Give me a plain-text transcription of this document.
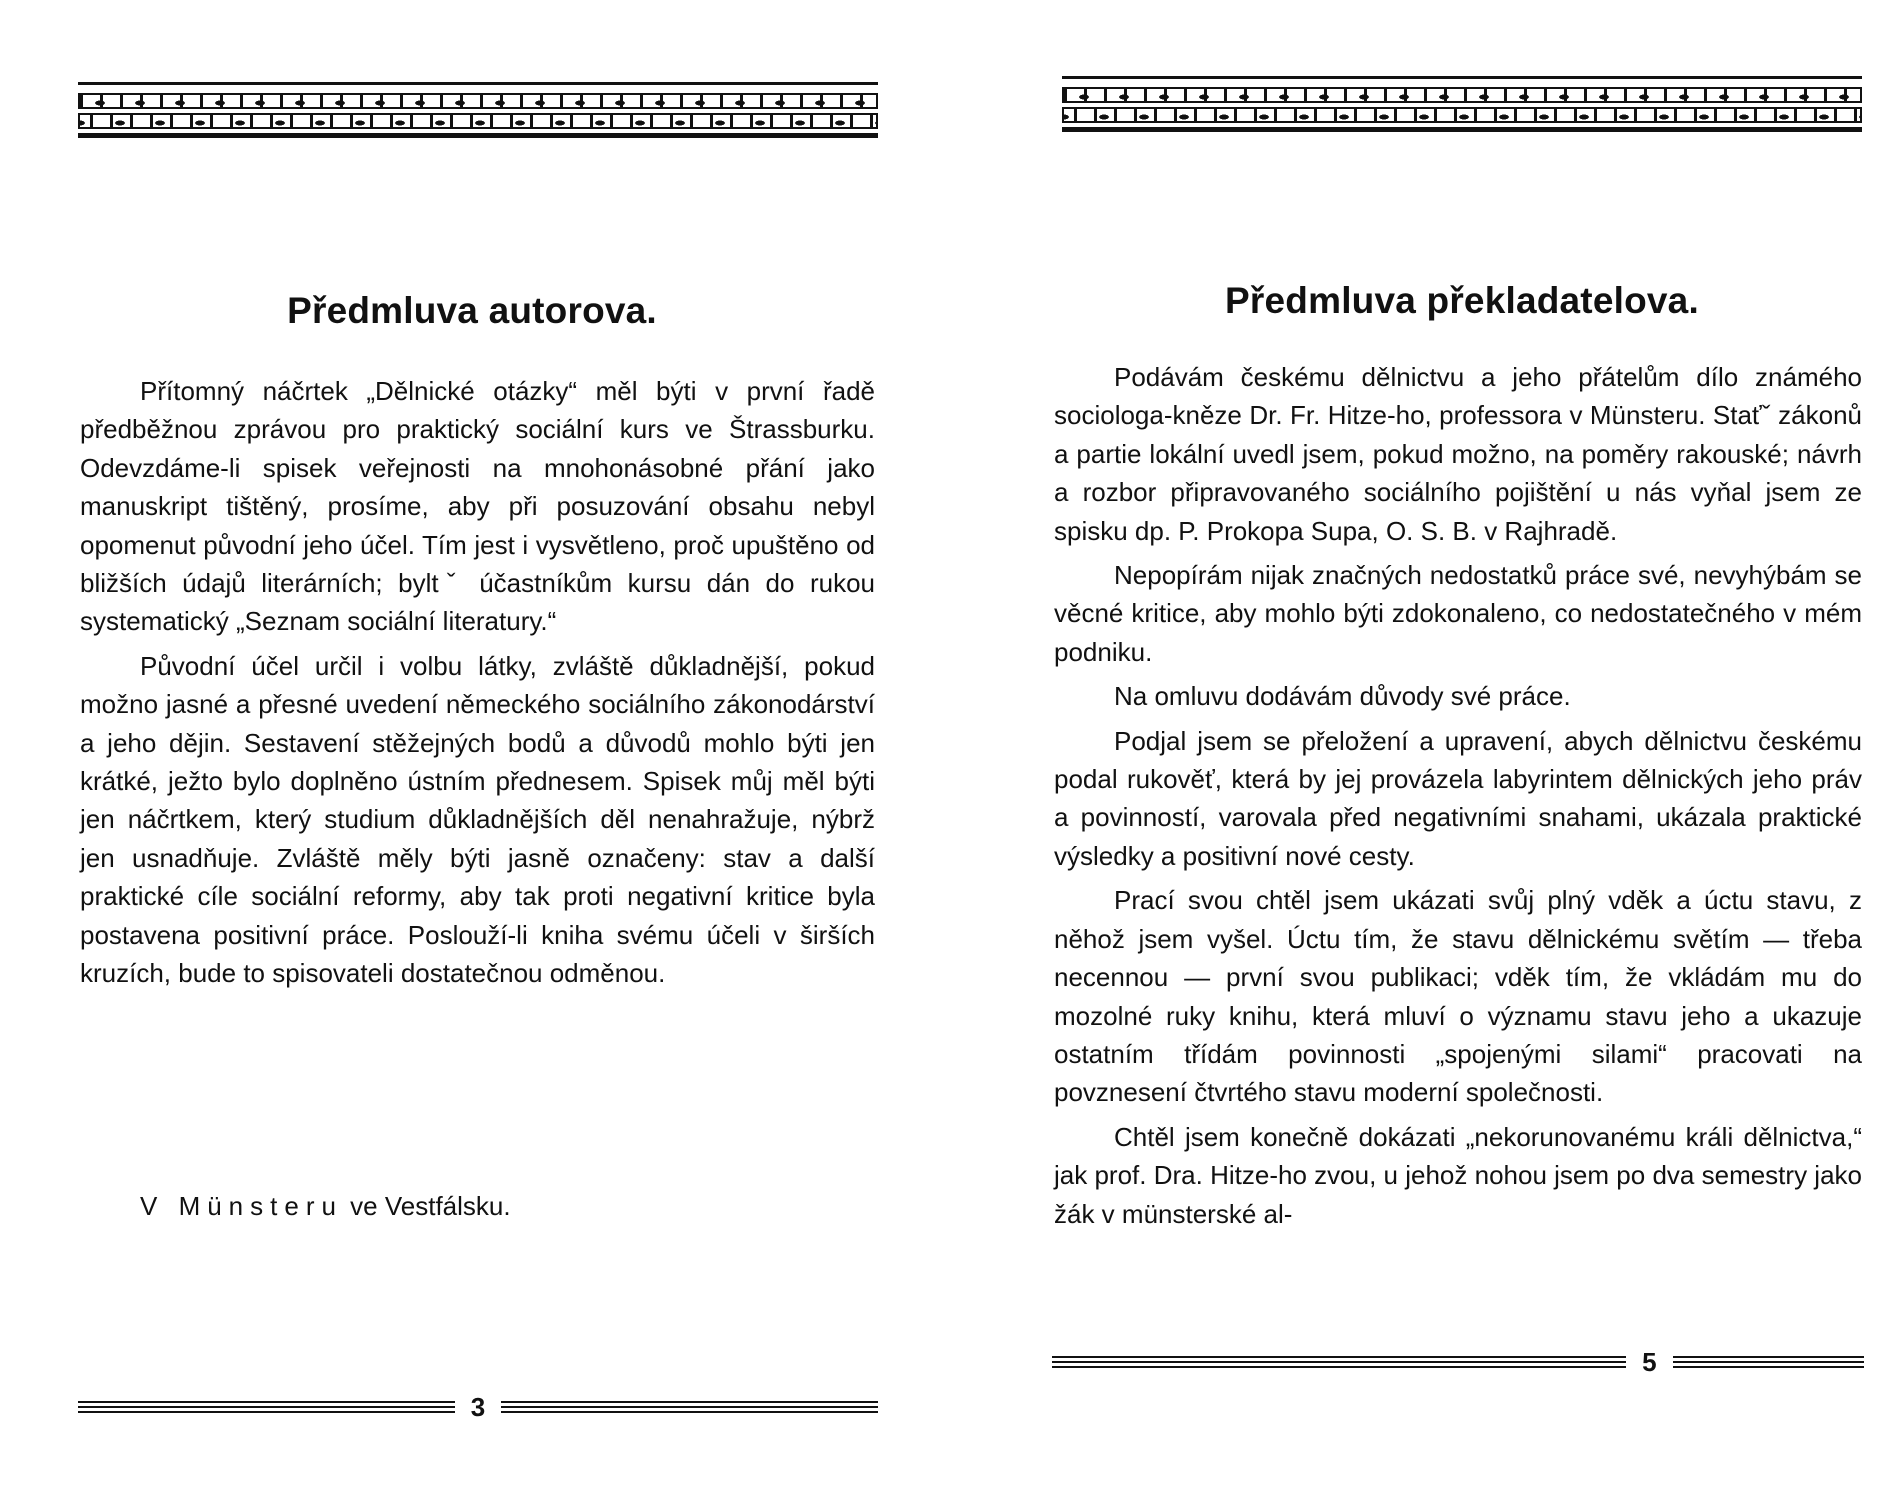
Předmluva autorova.

Přítomný náčrtek „Dělnické otázky“ měl býti v první řadě předběžnou zprávou pro praktický sociální kurs ve Štrassburku. Odevzdáme-li spisek veřejnosti na mnohonásobné přání jako manuskript tištěný, prosíme, aby při posuzování obsahu nebyl opomenut původní jeho účel. Tím jest i vysvětleno, proč upuštěno od bližších údajů literárních; byltˇ účastníkům kursu dán do rukou systematický „Seznam sociální literatury.“

Původní účel určil i volbu látky, zvláště důkladnější, pokud možno jasné a přesné uvedení německého sociálního zákonodárství a jeho dějin. Sestavení stěžejných bodů a důvodů mohlo býti jen krátké, ježto bylo doplněno ústním přednesem. Spisek můj měl býti jen náčrtkem, který studium důkladnějších děl nenahražuje, nýbrž jen usnadňuje. Zvláště měly býti jasně označeny: stav a další praktické cíle sociální reformy, aby tak proti negativní kritice byla postavena positivní práce. Poslouží-li kniha svému účeli v širších kruzích, bude to spisovateli dostatečnou odměnou.

V Münsteru ve Vestfálsku.
3
Předmluva překladatelova.

Podávám českému dělnictvu a jeho přátelům dílo známého sociologa-kněze Dr. Fr. Hitze-ho, professora v Münsteru. Staťˇ zákonů a partie lokální uvedl jsem, pokud možno, na poměry rakouské; návrh a rozbor připravovaného sociálního pojištění u nás vyňal jsem ze spisku dp. P. Prokopa Supa, O. S. B. v Rajhradě.

Nepopírám nijak značných nedostatků práce své, nevyhýbám se věcné kritice, aby mohlo býti zdokonaleno, co nedostatečného v mém podniku.

Na omluvu dodávám důvody své práce.

Podjal jsem se přeložení a upravení, abych dělnictvu českému podal rukověť, která by jej provázela labyrintem dělnických jeho práv a povinností, varovala před negativními snahami, ukázala praktické výsledky a positivní nové cesty.

Prací svou chtěl jsem ukázati svůj plný vděk a úctu stavu, z něhož jsem vyšel. Úctu tím, že stavu dělnickému světím — třeba necennou — první svou publikaci; vděk tím, že vkládám mu do mozolné ruky knihu, která mluví o významu stavu jeho a ukazuje ostatním třídám povinnosti „spojenými silami“ pracovati na povznesení čtvrtého stavu moderní společnosti.

Chtěl jsem konečně dokázati „nekorunovanému králi dělnictva,“ jak prof. Dra. Hitze-ho zvou, u jehož nohou jsem po dva semestry jako žák v münsterské al-

5
